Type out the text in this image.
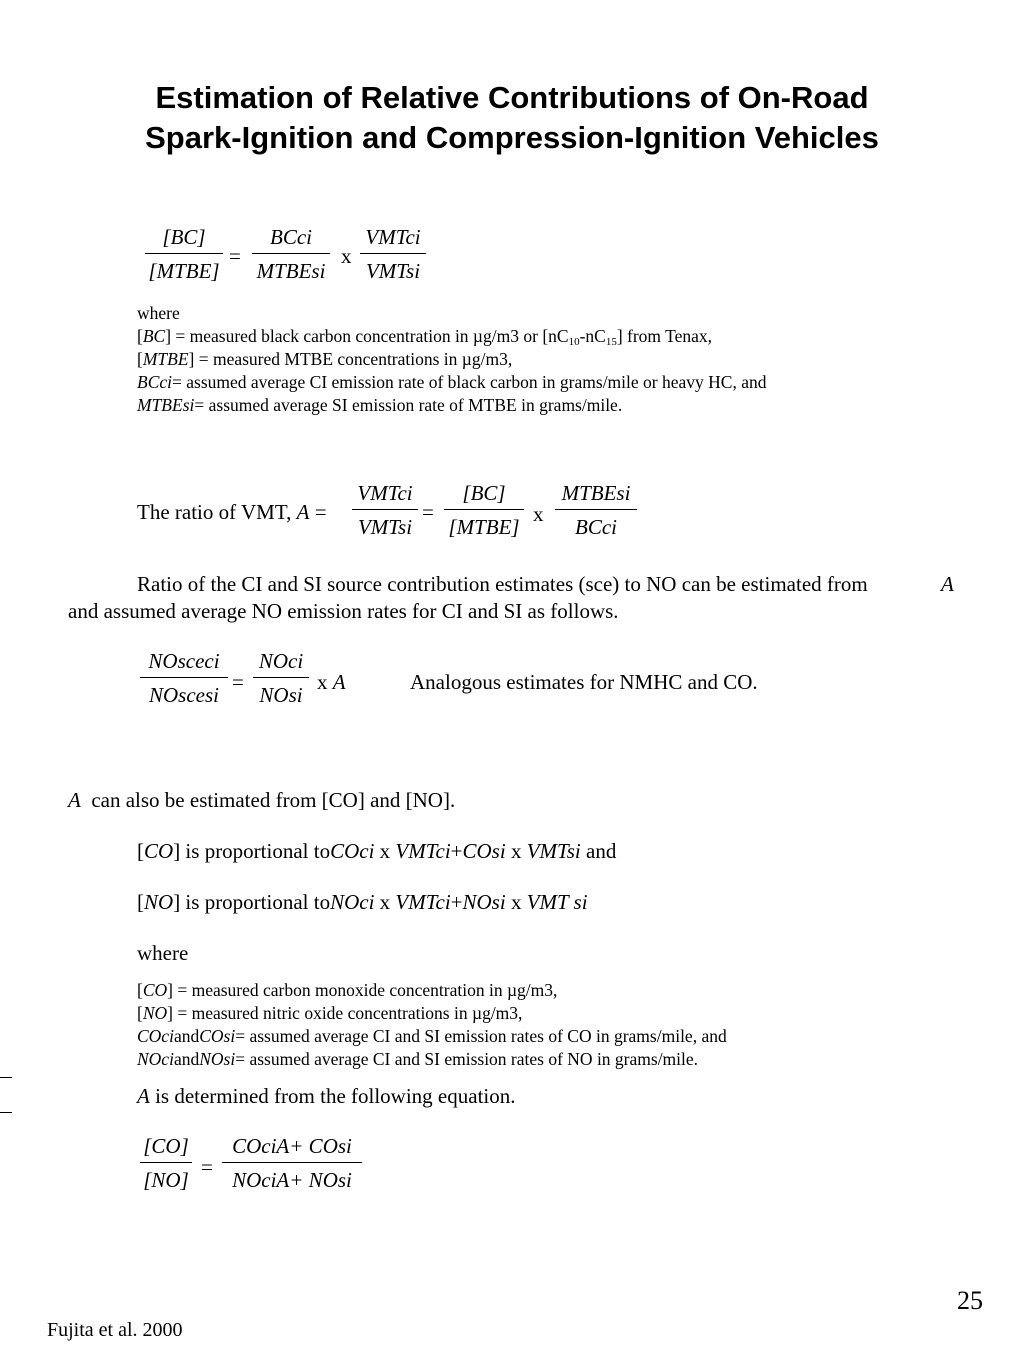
Estimation of Relative Contributions of On-Road
Spark-Ignition and Compression-Ignition Vehicles
[BC]
[MTBE]
=
BCci
MTBEsi
x
VMTci
VMTsi
where
[BC] = measured black carbon concentration in µg/m3 or $[nC_{10}-nC_{15}]$ from Tenax,
[MTBE] = measured MTBE concentrations in µg/m3,
BCci= assumed average CI emission rate of black carbon in grams/mile or heavy HC, and
MTBEsi= assumed average SI emission rate of MTBE in grams/mile.
The ratio of VMT, A =
VMTci
VMTsi
=
[BC]
[MTBE]
x
MTBEsi
BCci
Ratio of the CI and SI source contribution estimates (sce) to NO can be estimated from	A
and assumed average NO emission rates for CI and SI as follows.
NOsceci
NOscesi
=
NOci
NOsi
x A	Analogous estimates for NMHC and CO.
A can also be estimated from [CO] and [NO].
[CO] is proportional toCOci x VMTci+COsi x VMTsi and
[NO] is proportional toNOci x VMTci+NOsi x VMT si
where
[CO] = measured carbon monoxide concentration in µg/m3,
[NO] = measured nitric oxide concentrations in µg/m3,
COciandCOsi= assumed average CI and SI emission rates of CO in grams/mile, and
NOciandNOsi= assumed average CI and SI emission rates of NO in grams/mile.
A is determined from the following equation.
[CO]
[NO]
=
COciA+ COsi
NOciA+ NOsi
25
Fujita et al. 2000
